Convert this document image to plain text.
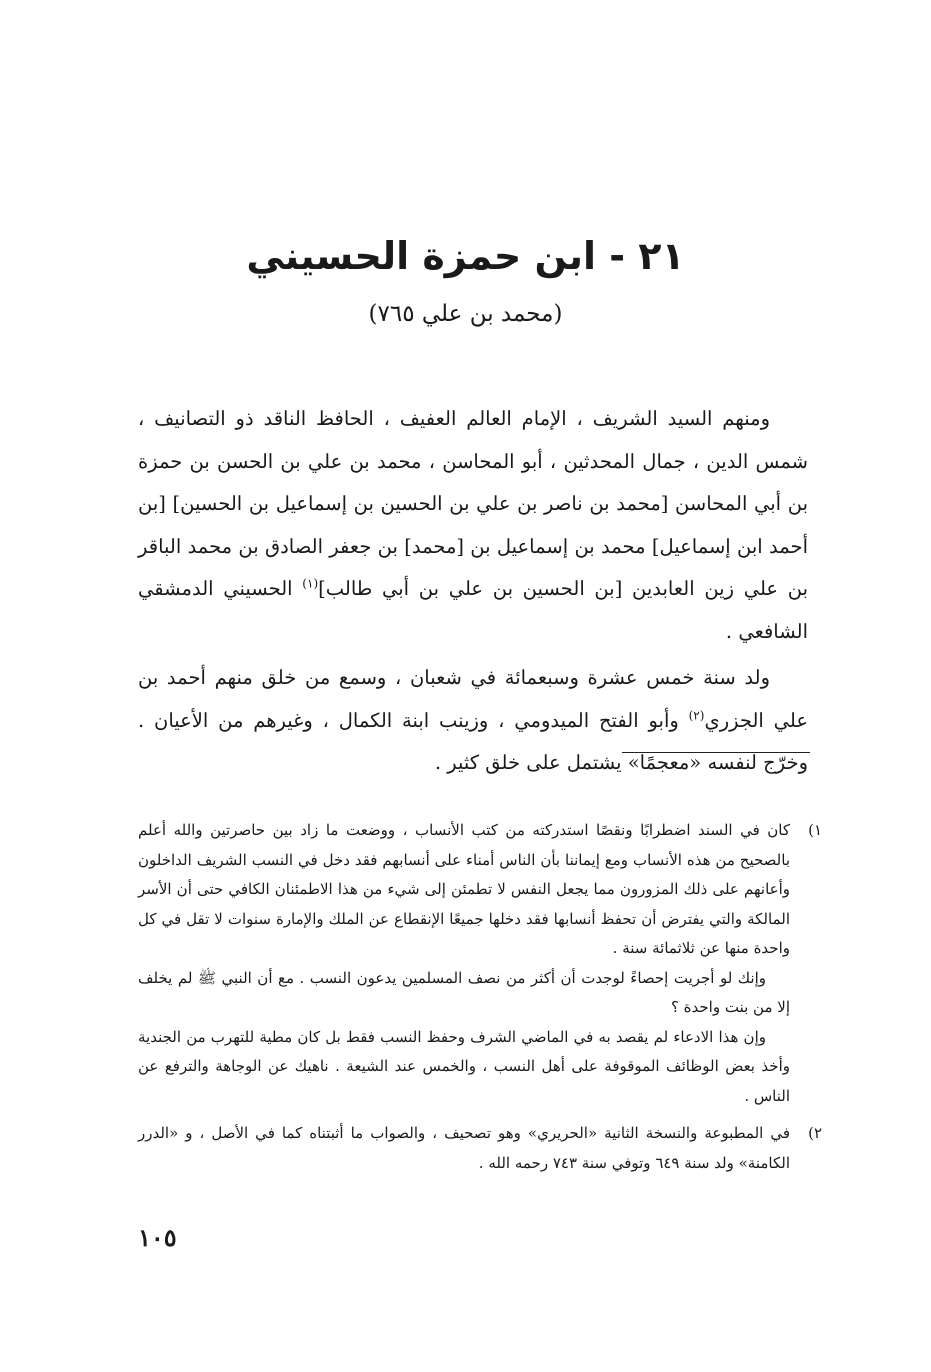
٢١ - ابن حمزة الحسيني
(محمد بن علي ٧٦٥)

ومنهم السيد الشريف ، الإمام العالم العفيف ، الحافظ الناقد ذو التصانيف ، شمس الدين ، جمال المحدثين ، أبو المحاسن ، محمد بن علي بن الحسن بن حمزة بن أبي المحاسن [محمد بن ناصر بن علي بن الحسين بن إسماعيل بن الحسين] [بن أحمد ابن إسماعيل] محمد بن إسماعيل بن [محمد] بن جعفر الصادق بن محمد الباقر بن علي زين العابدين [بن الحسين بن علي بن أبي طالب]$^{(١)}$ الحسيني الدمشقي الشافعي .

ولد سنة خمس عشرة وسبعمائة في شعبان ، وسمع من خلق منهم أحمد بن علي الجزري$^{(٢)}$ وأبو الفتح الميدومي ، وزينب ابنة الكمال ، وغيرهم من الأعيان . وخرّج لنفسه «معجمًا» يشتمل على خلق كثير .

١)

كان في السند اضطرابًا ونقصًا استدركته من كتب الأنساب ، ووضعت ما زاد بين حاصرتين والله أعلم بالصحيح من هذه الأنساب ومع إيماننا بأن الناس أمناء على أنسابهم فقد دخل في النسب الشريف الداخلون وأعانهم على ذلك المزورون مما يجعل النفس لا تطمئن إلى شيء من هذا الاطمئنان الكافي حتى أن الأسر المالكة والتي يفترض أن تحفظ أنسابها فقد دخلها جميعًا الإنقطاع عن الملك والإمارة سنوات لا تقل في كل واحدة منها عن ثلاثمائة سنة .

وإنك لو أجريت إحصاءً لوجدت أن أكثر من نصف المسلمين يدعون النسب . مع أن النبي ﷺ لم يخلف إلا من بنت واحدة ؟

وإن هذا الادعاء لم يقصد به في الماضي الشرف وحفظ النسب فقط بل كان مطية للتهرب من الجندية وأخذ بعض الوظائف الموقوفة على أهل النسب ، والخمس عند الشيعة . ناهيك عن الوجاهة والترفع عن الناس .

٢)

في المطبوعة والنسخة الثانية «الحريري» وهو تصحيف ، والصواب ما أثبتناه كما في الأصل ، و «الدرر الكامنة» ولد سنة ٦٤٩ وتوفي سنة ٧٤٣ رحمه الله .

١٠٥
